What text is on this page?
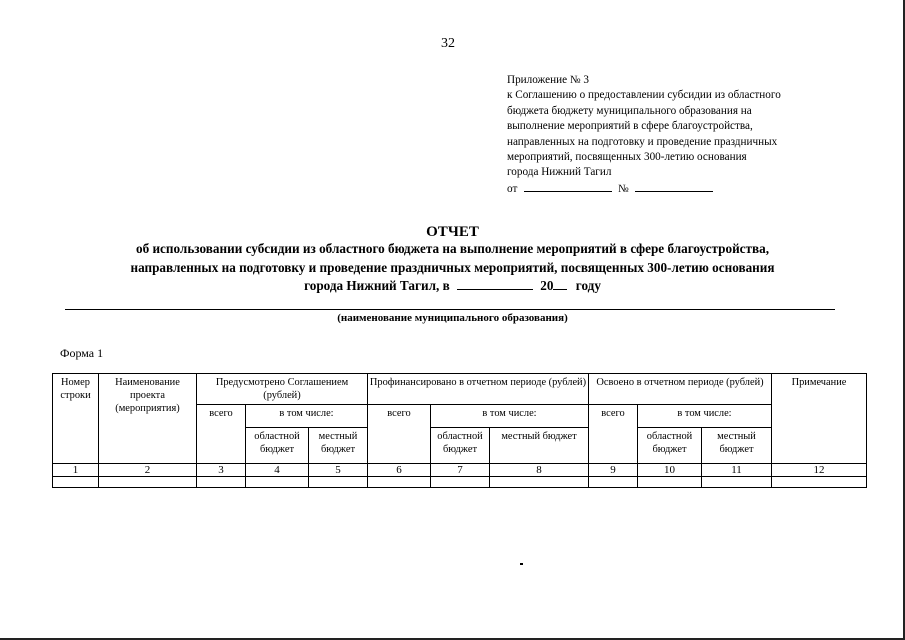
32
Приложение № 3
к Соглашению о предоставлении субсидии из областного
бюджета бюджету муниципального образования на
выполнение мероприятий в сфере благоустройства,
направленных на подготовку и проведение праздничных
мероприятий, посвященных 300-летию основания
города Нижний Тагил
от	№
ОТЧЕТ
об использовании субсидии из областного бюджета на выполнение мероприятий в сфере благоустройства,
направленных на подготовку и проведение праздничных мероприятий, посвященных 300-летию основания
города Нижний Тагил, в	20 году
(наименование муниципального образования)
Форма 1
Номер строки	Наименование проекта (мероприятия)	Предусмотрено Соглашением (рублей)			Профинансировано в отчетном периоде (рублей)			Освоено в отчетном периоде (рублей)			Примечание
		всего	в том числе:		всего	в том числе:		всего	в том числе:		
			областной бюджет	местный бюджет		областной бюджет	местный бюджет		областной бюджет	местный бюджет	
1	2	3	4	5	6	7	8	9	10	11	12
